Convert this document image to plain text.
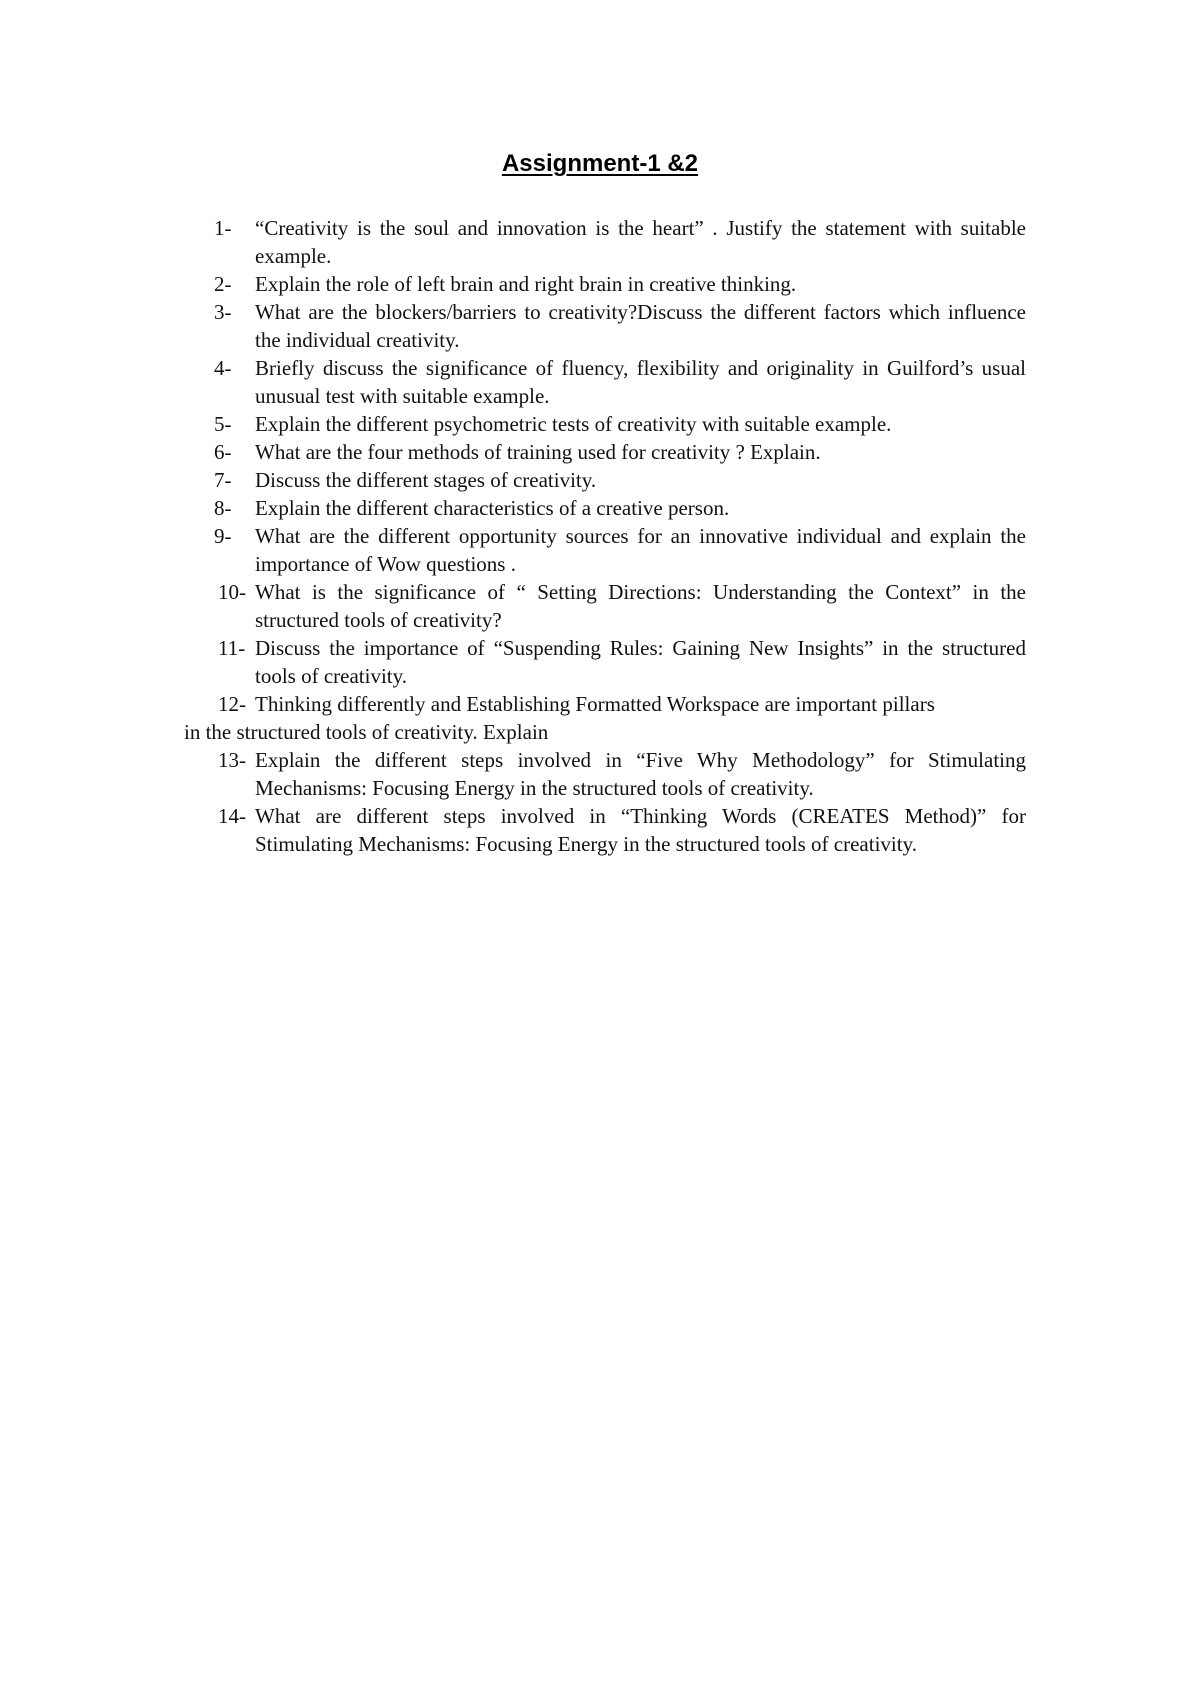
Assignment-1 &2
1-	“Creativity is the soul and innovation is the heart” . Justify the statement with suitable example.
2-	Explain the role of left brain and right brain in creative thinking.
3-	What are the blockers/barriers to creativity?Discuss the different factors which influence the individual creativity.
4-	Briefly discuss the significance of fluency, flexibility and originality in Guilford’s usual unusual test with suitable example.
5-	Explain the different psychometric tests of creativity with suitable example.
6-	What are the four methods of training used for creativity ? Explain.
7-	Discuss the different stages of creativity.
8-	Explain the different characteristics of a creative person.
9-	What are the different opportunity sources for an innovative individual and explain the importance of Wow questions .
10- What is the significance of “ Setting Directions: Understanding the Context” in the structured tools of creativity?
11- Discuss the importance of “Suspending Rules: Gaining New Insights” in the structured tools of creativity.
12- Thinking differently and Establishing Formatted Workspace are important pillars
in the structured tools of creativity. Explain
13- Explain the different steps involved in “Five Why Methodology” for Stimulating Mechanisms: Focusing Energy in the structured tools of creativity.
14- What are different steps involved in “Thinking Words (CREATES Method)” for Stimulating Mechanisms: Focusing Energy in the structured tools of creativity.
